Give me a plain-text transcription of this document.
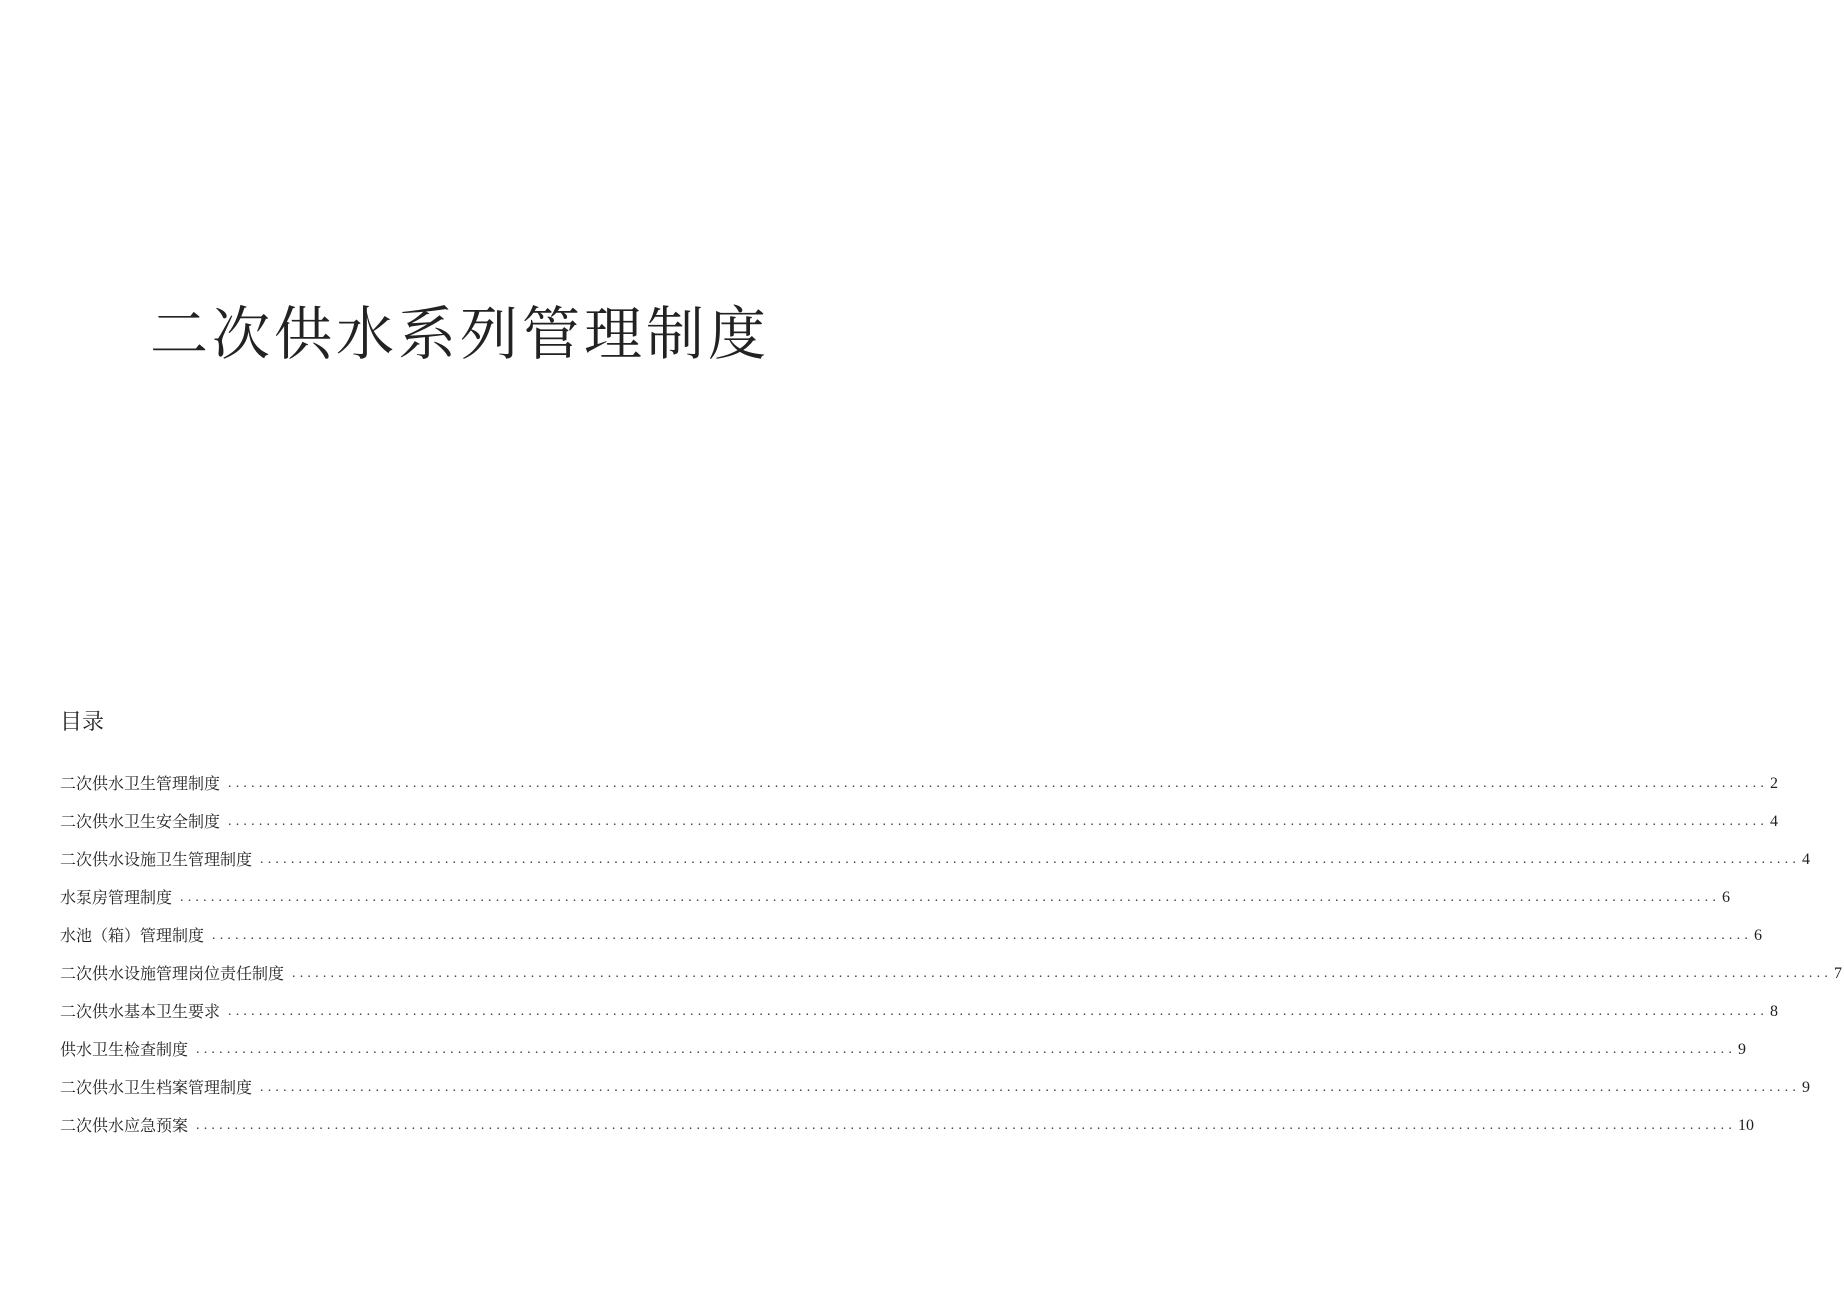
二次供水系列管理制度
目录
二次供水卫生管理制度 ........................................................................................................................................................................................................ 2
二次供水卫生安全制度 ........................................................................................................................................................................................................ 4
二次供水设施卫生管理制度 ........................................................................................................................................................................................................ 4
水泵房管理制度 ........................................................................................................................................................................................................ 6
水池（箱）管理制度 ........................................................................................................................................................................................................ 6
二次供水设施管理岗位责任制度 ........................................................................................................................................................................................................ 7
二次供水基本卫生要求 ........................................................................................................................................................................................................ 8
供水卫生检查制度 ........................................................................................................................................................................................................ 9
二次供水卫生档案管理制度 ........................................................................................................................................................................................................ 9
二次供水应急预案 ........................................................................................................................................................................................................ 10
